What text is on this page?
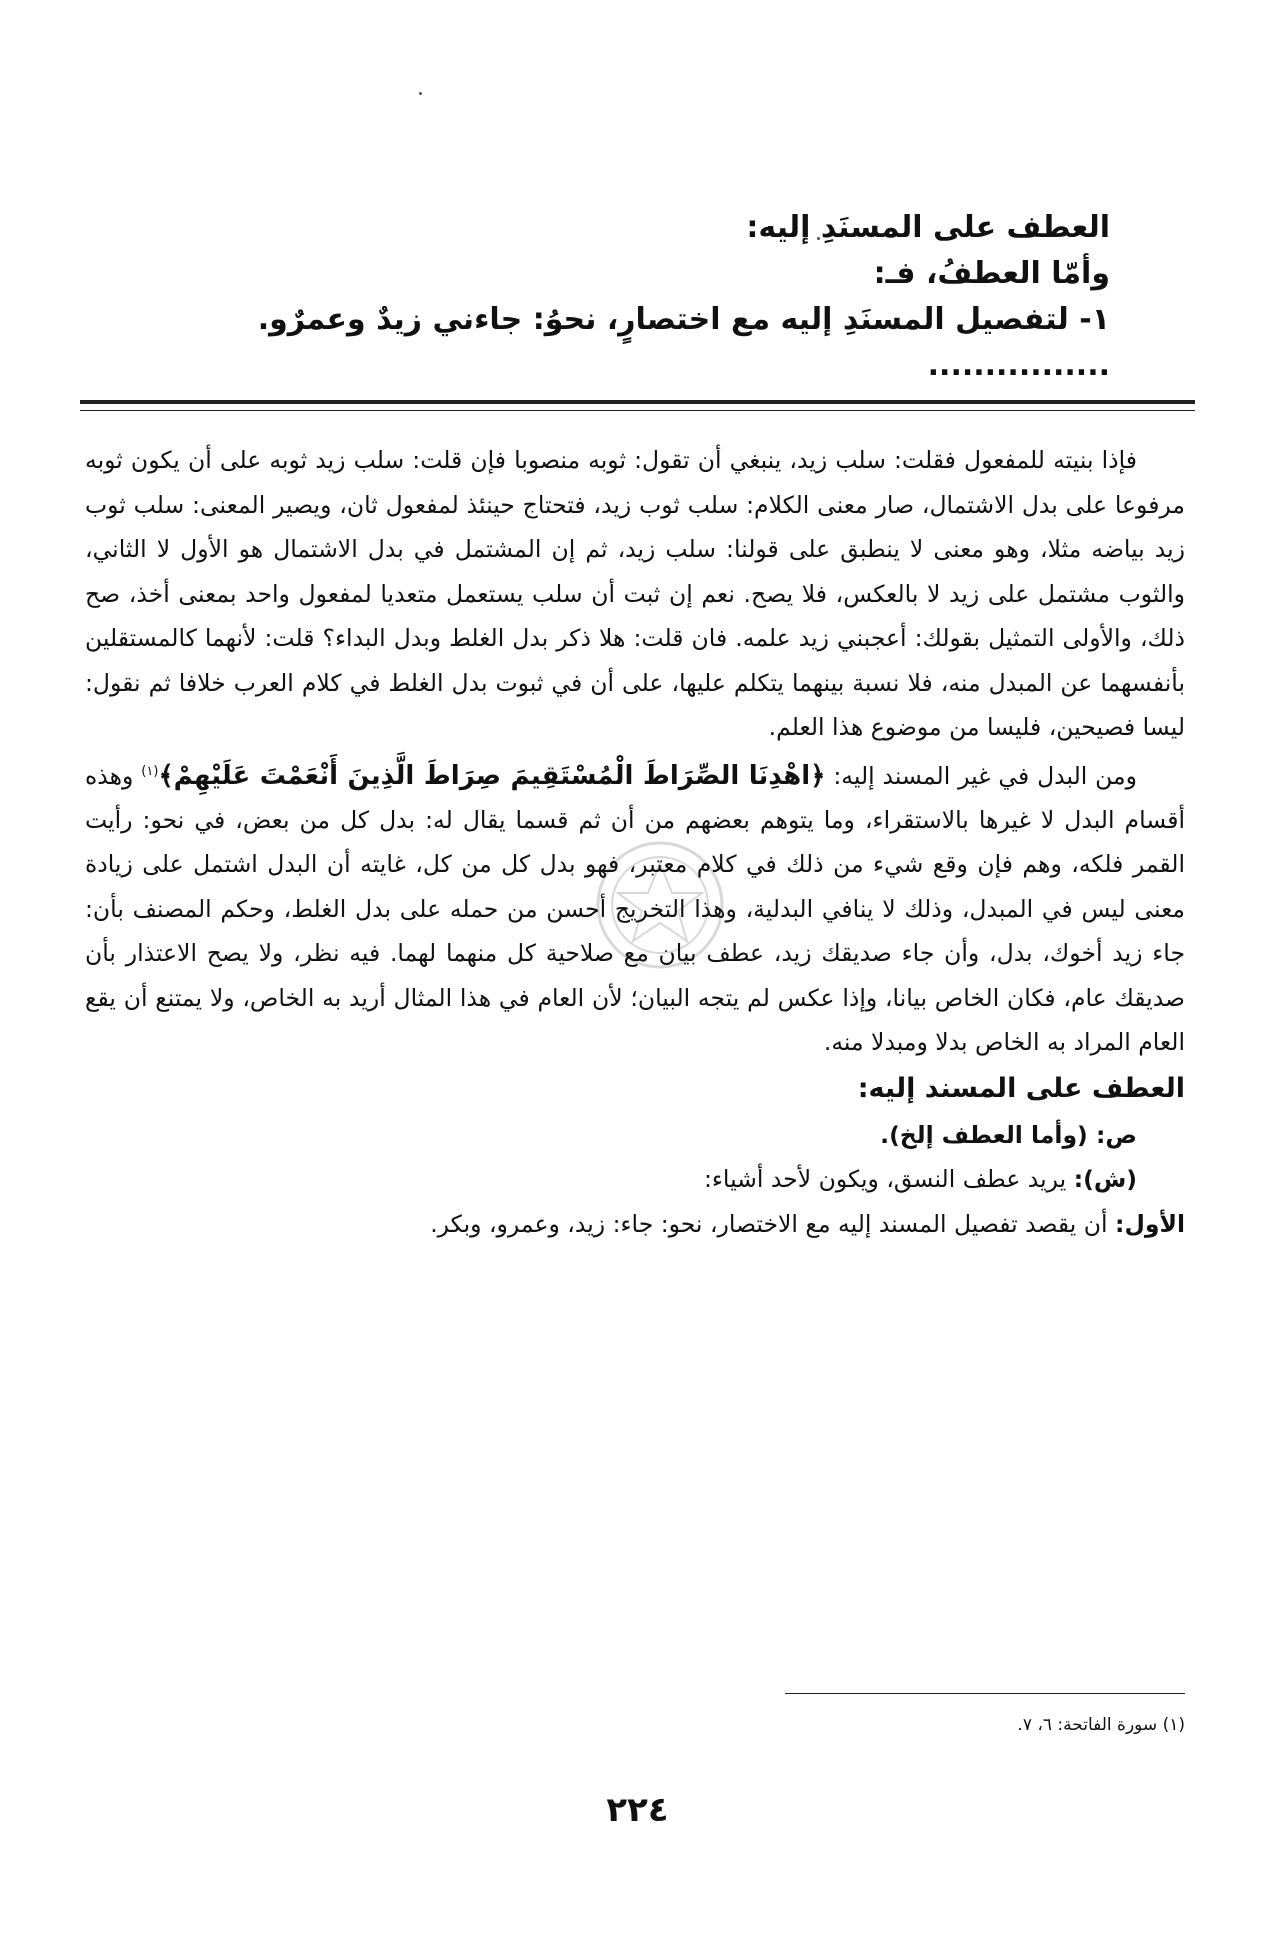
العطف على المسنَدِ إليه:

وأمّا العطفُ، فـ:

١- لتفصيل المسنَدِ إليه مع اختصارٍ، نحوُ: جاءني زيدٌ وعمرٌو. ................

فإذا بنيته للمفعول فقلت: سلب زيد، ينبغي أن تقول: ثوبه منصوبا فإن قلت: سلب زيد ثوبه على أن يكون ثوبه مرفوعا على بدل الاشتمال، صار معنى الكلام: سلب ثوب زيد، فتحتاج حينئذ لمفعول ثان، ويصير المعنى: سلب ثوب زيد بياضه مثلا، وهو معنى لا ينطبق على قولنا: سلب زيد، ثم إن المشتمل في بدل الاشتمال هو الأول لا الثاني، والثوب مشتمل على زيد لا بالعكس، فلا يصح. نعم إن ثبت أن سلب يستعمل متعديا لمفعول واحد بمعنى أخذ، صح ذلك، والأولى التمثيل بقولك: أعجبني زيد علمه. فان قلت: هلا ذكر بدل الغلط وبدل البداء؟ قلت: لأنهما كالمستقلين بأنفسهما عن المبدل منه، فلا نسبة بينهما يتكلم عليها، على أن في ثبوت بدل الغلط في كلام العرب خلافا ثم نقول: ليسا فصيحين، فليسا من موضوع هذا العلم.

ومن البدل في غير المسند إليه: ﴿اهْدِنَا الصِّرَاطَ الْمُسْتَقِيمَ صِرَاطَ الَّذِينَ أَنْعَمْتَ عَلَيْهِمْ﴾$^{(١)}$ وهذه أقسام البدل لا غيرها بالاستقراء، وما يتوهم بعضهم من أن ثم قسما يقال له: بدل كل من بعض، في نحو: رأيت القمر فلكه، وهم فإن وقع شيء من ذلك في كلام معتبر، فهو بدل كل من كل، غايته أن البدل اشتمل على زيادة معنى ليس في المبدل، وذلك لا ينافي البدلية، وهذا التخريج أحسن من حمله على بدل الغلط، وحكم المصنف بأن: جاء زيد أخوك، بدل، وأن جاء صديقك زيد، عطف بيان مع صلاحية كل منهما لهما. فيه نظر، ولا يصح الاعتذار بأن صديقك عام، فكان الخاص بيانا، وإذا عكس لم يتجه البيان؛ لأن العام في هذا المثال أريد به الخاص، ولا يمتنع أن يقع العام المراد به الخاص بدلا ومبدلا منه.

العطف على المسند إليه:

ص: (وأما العطف إلخ).

(ش): يريد عطف النسق، ويكون لأحد أشياء:

الأول: أن يقصد تفصيل المسند إليه مع الاختصار، نحو: جاء: زيد، وعمرو، وبكر.

(١) سورة الفاتحة: ٦، ٧.
٢٢٤
